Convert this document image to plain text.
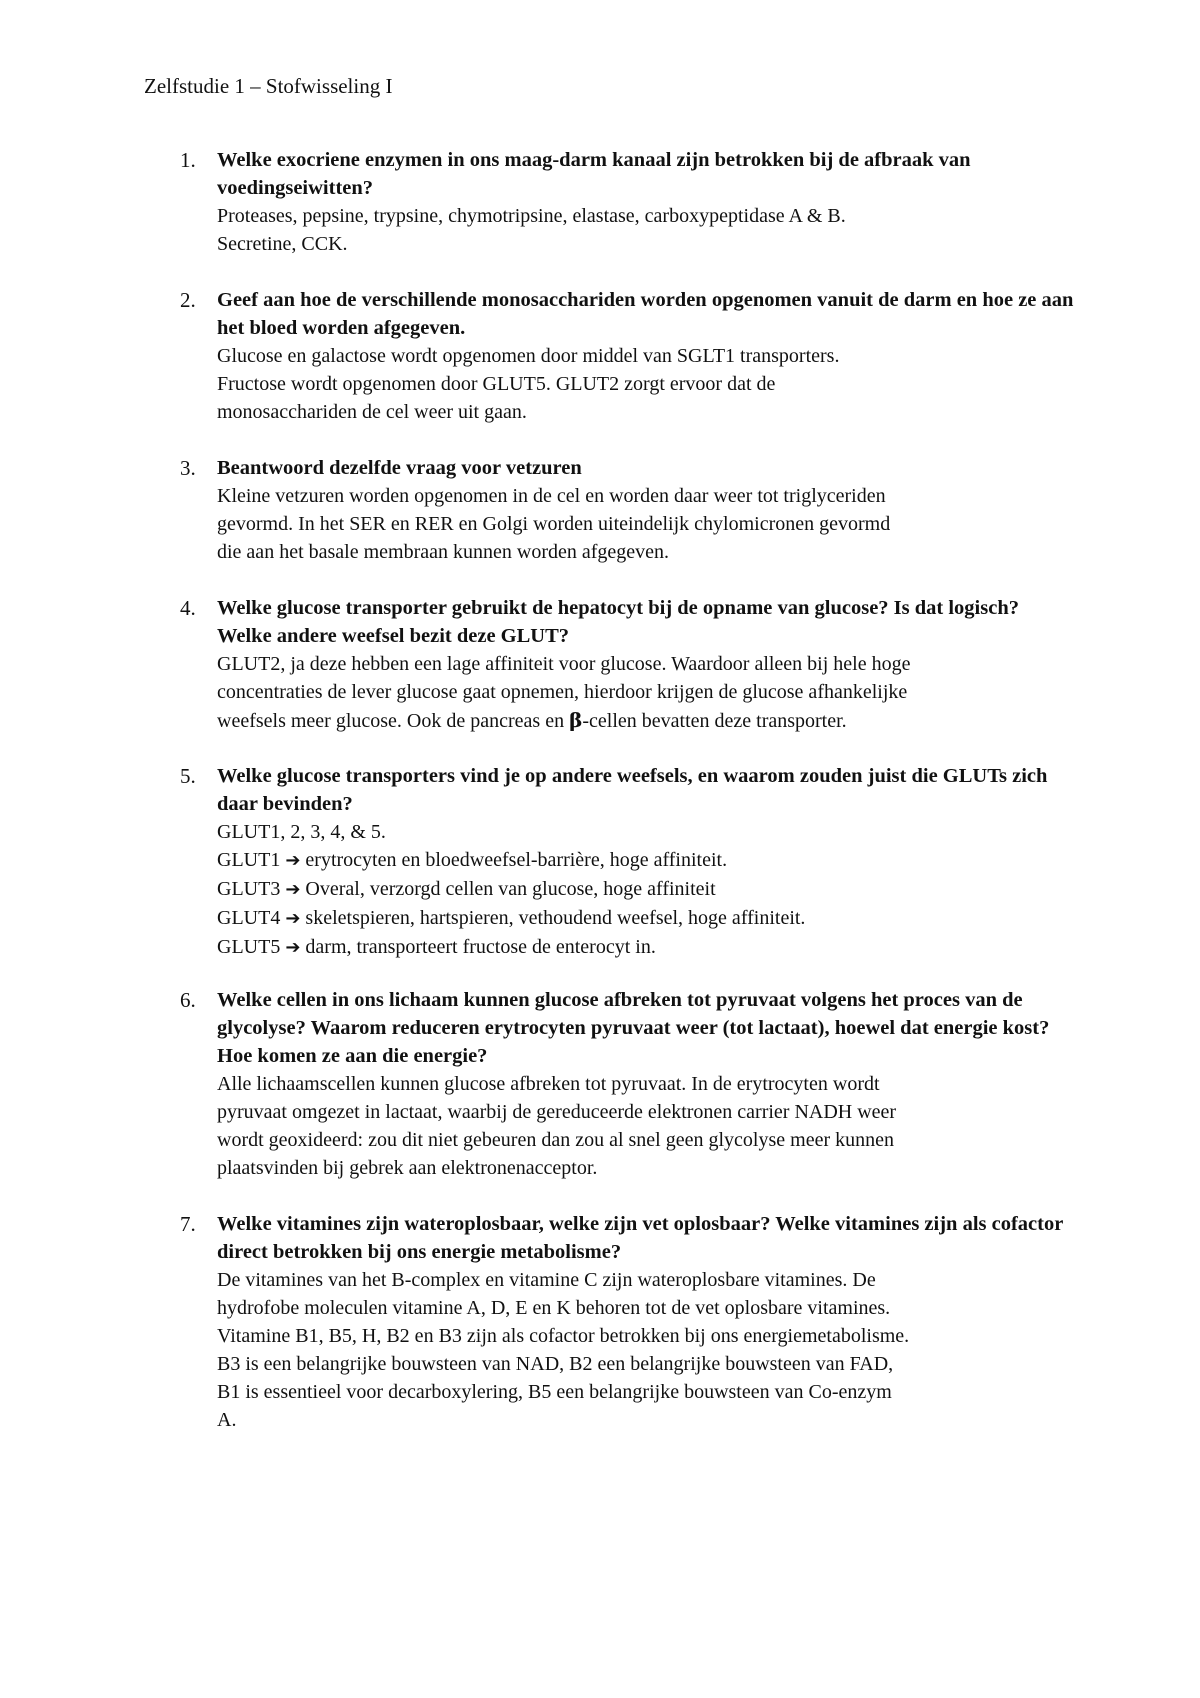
Zelfstudie 1 – Stofwisseling I
1. Welke exocriene enzymen in ons maag-darm kanaal zijn betrokken bij de afbraak van voedingseiwitten?
Proteases, pepsine, trypsine, chymotripsine, elastase, carboxypeptidase A & B.
Secretine, CCK.
2. Geef aan hoe de verschillende monosacchariden worden opgenomen vanuit de darm en hoe ze aan het bloed worden afgegeven.
Glucose en galactose wordt opgenomen door middel van SGLT1 transporters.
Fructose wordt opgenomen door GLUT5. GLUT2 zorgt ervoor dat de
monosacchariden de cel weer uit gaan.
3. Beantwoord dezelfde vraag voor vetzuren
Kleine vetzuren worden opgenomen in de cel en worden daar weer tot triglyceriden
gevormd. In het SER en RER en Golgi worden uiteindelijk chylomicronen gevormd
die aan het basale membraan kunnen worden afgegeven.
4. Welke glucose transporter gebruikt de hepatocyt bij de opname van glucose? Is dat logisch? Welke andere weefsel bezit deze GLUT?
GLUT2, ja deze hebben een lage affiniteit voor glucose. Waardoor alleen bij hele hoge
concentraties de lever glucose gaat opnemen, hierdoor krijgen de glucose afhankelijke
weefsels meer glucose. Ook de pancreas en β-cellen bevatten deze transporter.
5. Welke glucose transporters vind je op andere weefsels, en waarom zouden juist die GLUTs zich daar bevinden?
GLUT1, 2, 3, 4, & 5.
GLUT1 ➔ erytrocyten en bloedweefsel-barrière, hoge affiniteit.
GLUT3 ➔ Overal, verzorgd cellen van glucose, hoge affiniteit
GLUT4 ➔ skeletspieren, hartspieren, vethoudend weefsel, hoge affiniteit.
GLUT5 ➔ darm, transporteert fructose de enterocyt in.
6. Welke cellen in ons lichaam kunnen glucose afbreken tot pyruvaat volgens het proces van de glycolyse? Waarom reduceren erytrocyten pyruvaat weer (tot lactaat), hoewel dat energie kost? Hoe komen ze aan die energie?
Alle lichaamscellen kunnen glucose afbreken tot pyruvaat. In de erytrocyten wordt
pyruvaat omgezet in lactaat, waarbij de gereduceerde elektronen carrier NADH weer
wordt geoxideerd: zou dit niet gebeuren dan zou al snel geen glycolyse meer kunnen
plaatsvinden bij gebrek aan elektronenacceptor.
7. Welke vitamines zijn wateroplosbaar, welke zijn vet oplosbaar? Welke vitamines zijn als cofactor direct betrokken bij ons energie metabolisme?
De vitamines van het B-complex en vitamine C zijn wateroplosbare vitamines. De
hydrofobe moleculen vitamine A, D, E en K behoren tot de vet oplosbare vitamines.
Vitamine B1, B5, H, B2 en B3 zijn als cofactor betrokken bij ons energiemetabolisme.
B3 is een belangrijke bouwsteen van NAD, B2 een belangrijke bouwsteen van FAD,
B1 is essentieel voor decarboxylering, B5 een belangrijke bouwsteen van Co-enzym
A.
